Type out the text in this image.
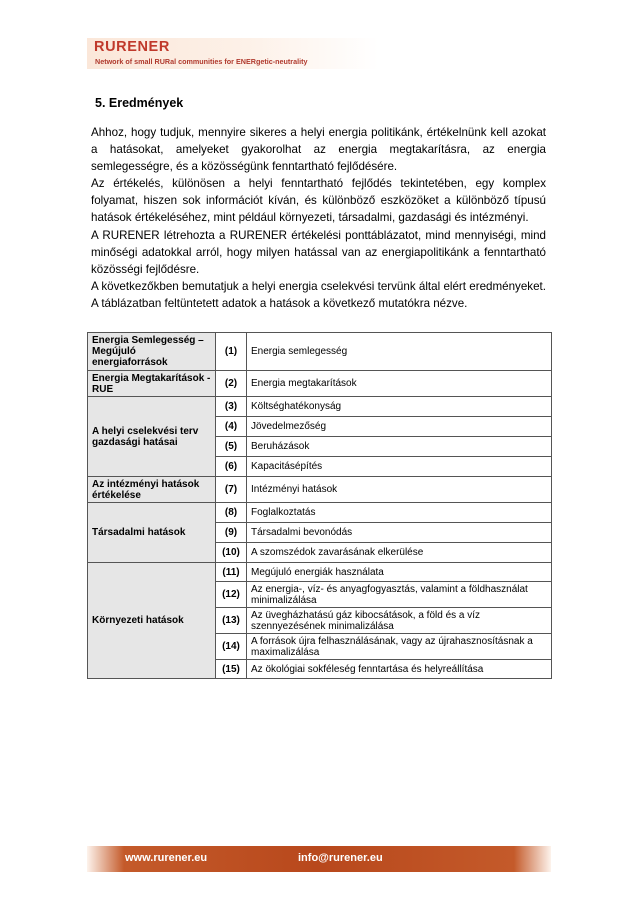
RURENER
Network of small RURal communities for ENERgetic-neutrality
5. Eredmények

Ahhoz, hogy tudjuk, mennyire sikeres a helyi energia politikánk, értékelnünk kell azokat a hatásokat, amelyeket gyakorolhat az energia megtakarításra, az energia semlegességre, és a közösségünk fenntartható fejlődésére.

Az értékelés, különösen a helyi fenntartható fejlődés tekintetében, egy komplex folyamat, hiszen sok információt kíván, és különböző eszközöket a különböző típusú hatások értékeléséhez, mint például környezeti, társadalmi, gazdasági és intézményi.

A RURENER létrehozta a RURENER értékelési ponttáblázatot, mind mennyiségi, mind minőségi adatokkal arról, hogy milyen hatással van az energiapolitikánk a fenntartható közösségi fejlődésre.

A következőkben bemutatjuk a helyi energia cselekvési tervünk által elért eredményeket. A táblázatban feltüntetett adatok a hatások a következő mutatókra nézve.

Energia Semlegesség – Megújuló energiaforrások	(1)	Energia semlegesség
Energia Megtakarítások - RUE	(2)	Energia megtakarítások
A helyi cselekvési terv gazdasági hatásai	(3)	Költséghatékonyság
	(4)	Jövedelmezőség
	(5)	Beruházások
	(6)	Kapacitásépítés
Az intézményi hatások értékelése	(7)	Intézményi hatások
Társadalmi hatások	(8)	Foglalkoztatás
	(9)	Társadalmi bevonódás
	(10)	A szomszédok zavarásának elkerülése
Környezeti hatások	(11)	Megújuló energiák használata
	(12)	Az energia-, víz- és anyagfogyasztás, valamint a földhasználat minimalizálása
	(13)	Az üvegházhatású gáz kibocsátások, a föld és a víz szennyezésének minimalizálása
	(14)	A források újra felhasználásának, vagy az újrahasznosításnak a maximalizálása
	(15)	Az ökológiai sokféleség fenntartása és helyreállítása
www.rurener.eu	info@rurener.eu
